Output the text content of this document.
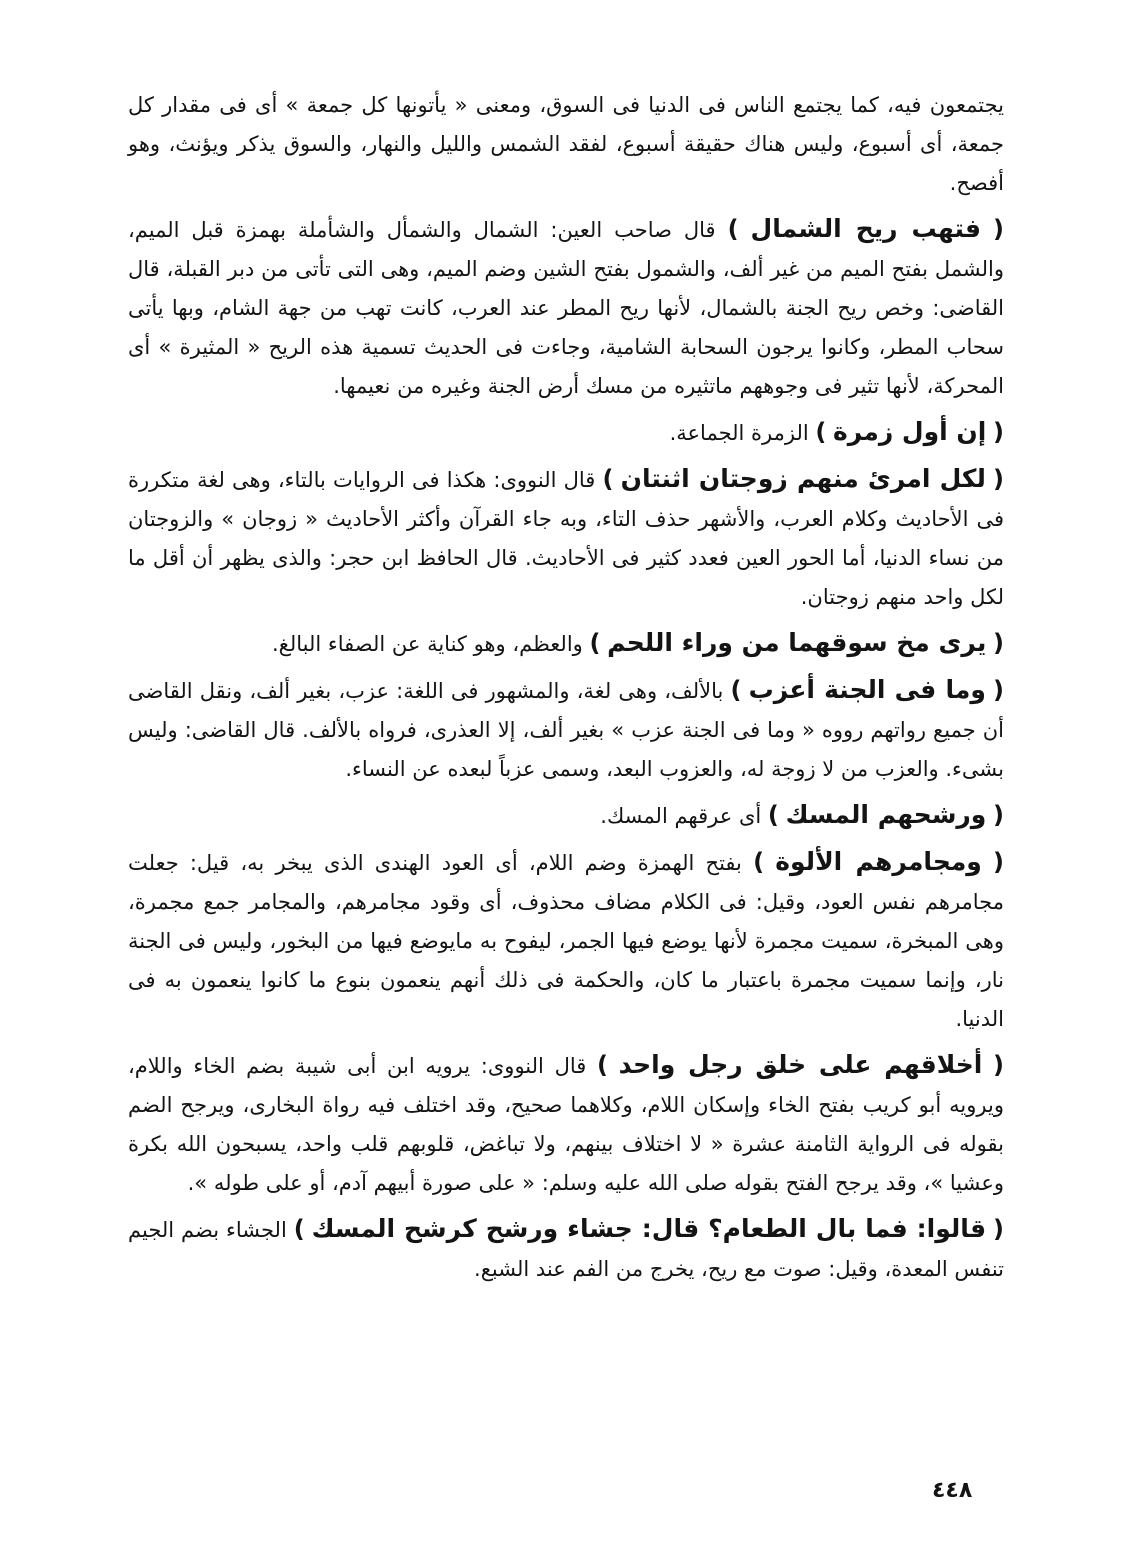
يجتمعون فيه، كما يجتمع الناس فى الدنيا فى السوق، ومعنى « يأتونها كل جمعة » أى فى مقدار كل جمعة، أى أسبوع، وليس هناك حقيقة أسبوع، لفقد الشمس والليل والنهار، والسوق يذكر ويؤنث، وهو أفصح.

( فتهب ريح الشمال ) قال صاحب العين: الشمال والشمأل والشأملة بهمزة قبل الميم، والشمل بفتح الميم من غير ألف، والشمول بفتح الشين وضم الميم، وهى التى تأتى من دبر القبلة، قال القاضى: وخص ريح الجنة بالشمال، لأنها ريح المطر عند العرب، كانت تهب من جهة الشام، وبها يأتى سحاب المطر، وكانوا يرجون السحابة الشامية، وجاءت فى الحديث تسمية هذه الريح « المثيرة » أى المحركة، لأنها تثير فى وجوههم ماتثيره من مسك أرض الجنة وغيره من نعيمها.

( إن أول زمرة ) الزمرة الجماعة.

( لكل امرئ منهم زوجتان اثنتان ) قال النووى: هكذا فى الروايات بالتاء، وهى لغة متكررة فى الأحاديث وكلام العرب، والأشهر حذف التاء، وبه جاء القرآن وأكثر الأحاديث « زوجان » والزوجتان من نساء الدنيا، أما الحور العين فعدد كثير فى الأحاديث. قال الحافظ ابن حجر: والذى يظهر أن أقل ما لكل واحد منهم زوجتان.

( يرى مخ سوقهما من وراء اللحم ) والعظم، وهو كناية عن الصفاء البالغ.

( وما فى الجنة أعزب ) بالألف، وهى لغة، والمشهور فى اللغة: عزب، بغير ألف، ونقل القاضى أن جميع رواتهم رووه « وما فى الجنة عزب » بغير ألف، إلا العذرى، فرواه بالألف. قال القاضى: وليس بشىء. والعزب من لا زوجة له، والعزوب البعد، وسمى عزباً لبعده عن النساء.

( ورشحهم المسك ) أى عرقهم المسك.

( ومجامرهم الألوة ) بفتح الهمزة وضم اللام، أى العود الهندى الذى يبخر به، قيل: جعلت مجامرهم نفس العود، وقيل: فى الكلام مضاف محذوف، أى وقود مجامرهم، والمجامر جمع مجمرة، وهى المبخرة، سميت مجمرة لأنها يوضع فيها الجمر، ليفوح به مايوضع فيها من البخور، وليس فى الجنة نار، وإنما سميت مجمرة باعتبار ما كان، والحكمة فى ذلك أنهم ينعمون بنوع ما كانوا ينعمون به فى الدنيا.

( أخلاقهم على خلق رجل واحد ) قال النووى: يرويه ابن أبى شيبة بضم الخاء واللام، ويرويه أبو كريب بفتح الخاء وإسكان اللام، وكلاهما صحيح، وقد اختلف فيه رواة البخارى، ويرجح الضم بقوله فى الرواية الثامنة عشرة « لا اختلاف بينهم، ولا تباغض، قلوبهم قلب واحد، يسبحون الله بكرة وعشيا »، وقد يرجح الفتح بقوله صلى الله عليه وسلم: « على صورة أبيهم آدم، أو على طوله ».

( قالوا: فما بال الطعام؟ قال: جشاء ورشح كرشح المسك ) الجشاء بضم الجيم تنفس المعدة، وقيل: صوت مع ريح، يخرج من الفم عند الشبع.

٤٤٨
